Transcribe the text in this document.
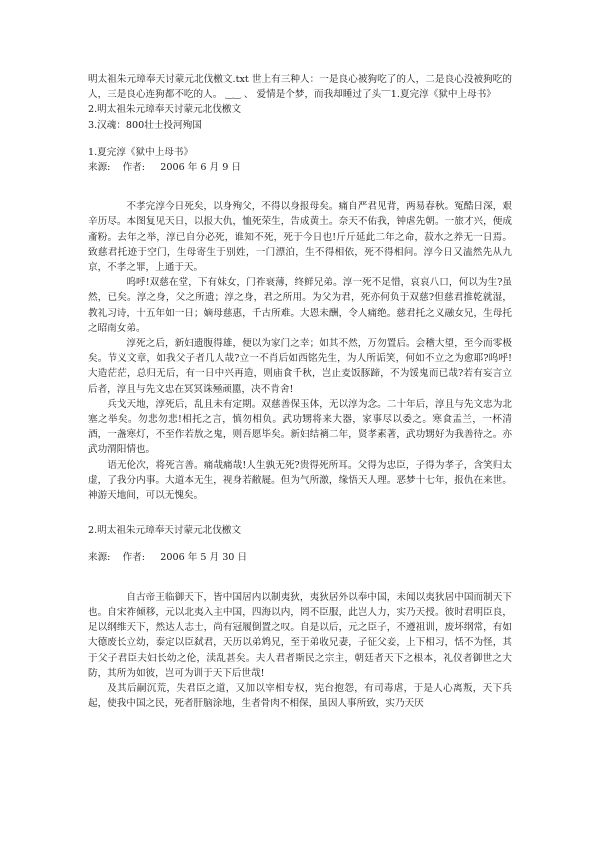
明太祖朱元璋奉天讨蒙元北伐檄文.txt 世上有三种人：一是良心被狗吃了的人，二是良心没被狗吃的人，三是良心连狗都不吃的人。 ‿‿ 、 爱情是个梦，而我却睡过了头‾‾1.夏完淳《狱中上母书》
2.明太祖朱元璋奉天讨蒙元北伐檄文
3.汉魂：800壮士投河殉国
1.夏完淳《狱中上母书》
来源: 作者: 2006 年 6 月 9 日

不孝完淳今日死矣，以身殉父，不得以身报母矣。痛自严君见背，两易春秋。冤酷日深，艰辛历尽。本图复见天日，以报大仇，恤死荣生，告成黄土。奈天不佑我，钟虐先朝。一旅才兴，便成齑粉。去年之举，淳已自分必死，谁知不死，死于今日也!斤斤延此二年之命，菽水之养无一日焉。致慈君托迹于空门，生母寄生于别姓，一门漂泊，生不得相依，死不得相问。淳今日又溘然先从九京，不孝之罪，上通于天。

呜呼!双慈在堂，下有妹女，门祚衰薄，终鲜兄弟。淳一死不足惜，哀哀八口，何以为生?虽然，已矣。淳之身，父之所遗；淳之身，君之所用。为父为君，死亦何负于双慈?但慈君推乾就湿，教礼习诗，十五年如一日；嫡母慈惠，千古所难。大恩未酬，令人痛绝。慈君托之义融女兄，生母托之昭南女弟。

淳死之后，新妇遗腹得雄，便以为家门之幸；如其不然，万勿置后。会稽大望，至今而零极矣。节义文章，如我父子者几人哉?立一不肖后如西铭先生，为人所诟笑，何如不立之为愈耶?呜呼!大造茫茫，总归无后，有一日中兴再造，则庙食千秋，岂止麦饭豚蹄，不为馁鬼而已哉?若有妄言立后者，淳且与先文忠在冥冥诛殛顽嚚，决不肯舍!

兵戈天地，淳死后，乱且未有定期。双慈善保玉体，无以淳为念。二十年后，淳且与先文忠为北塞之举矣。勿悲勿悲!相托之言，慎勿相负。武功甥将来大器，家事尽以委之。寒食盂兰，一杯清酒，一盏寒灯，不至作若敖之鬼，则吾愿毕矣。新妇结褵二年，贤孝素著，武功甥好为我善待之。亦武功渭阳情也。

语无伦次，将死言善。痛哉痛哉!人生孰无死?贵得死所耳。父得为忠臣，子得为孝子，含笑归太虚，了我分内事。大道本无生，视身若敝屣。但为气所激，缘悟天人理。恶梦十七年，报仇在来世。神游天地间，可以无愧矣。

2.明太祖朱元璋奉天讨蒙元北伐檄文
来源: 作者: 2006 年 5 月 30 日

自古帝王临御天下，皆中国居内以制夷狄，夷狄居外以奉中国，未闻以夷狄居中国而制天下也。自宋祚倾移，元以北夷入主中国，四海以内，罔不臣服，此岂人力，实乃天授。彼时君明臣良，足以纲维天下，然达人志士，尚有冠履倒置之叹。自是以后，元之臣子，不遵祖训，废坏纲常，有如大德废长立幼，泰定以臣弑君，天历以弟鸩兄，至于弟收兄妻，子征父妾，上下相习，恬不为怪，其于父子君臣夫妇长幼之伦，渎乱甚矣。夫人君者斯民之宗主，朝廷者天下之根本，礼仪者御世之大防，其所为如彼，岂可为训于天下后世哉!

及其后嗣沉荒，失君臣之道，又加以宰相专权，宪台抱怨，有司毒虐，于是人心离叛，天下兵起，使我中国之民，死者肝脑涂地，生者骨肉不相保，虽因人事所致，实乃天厌
